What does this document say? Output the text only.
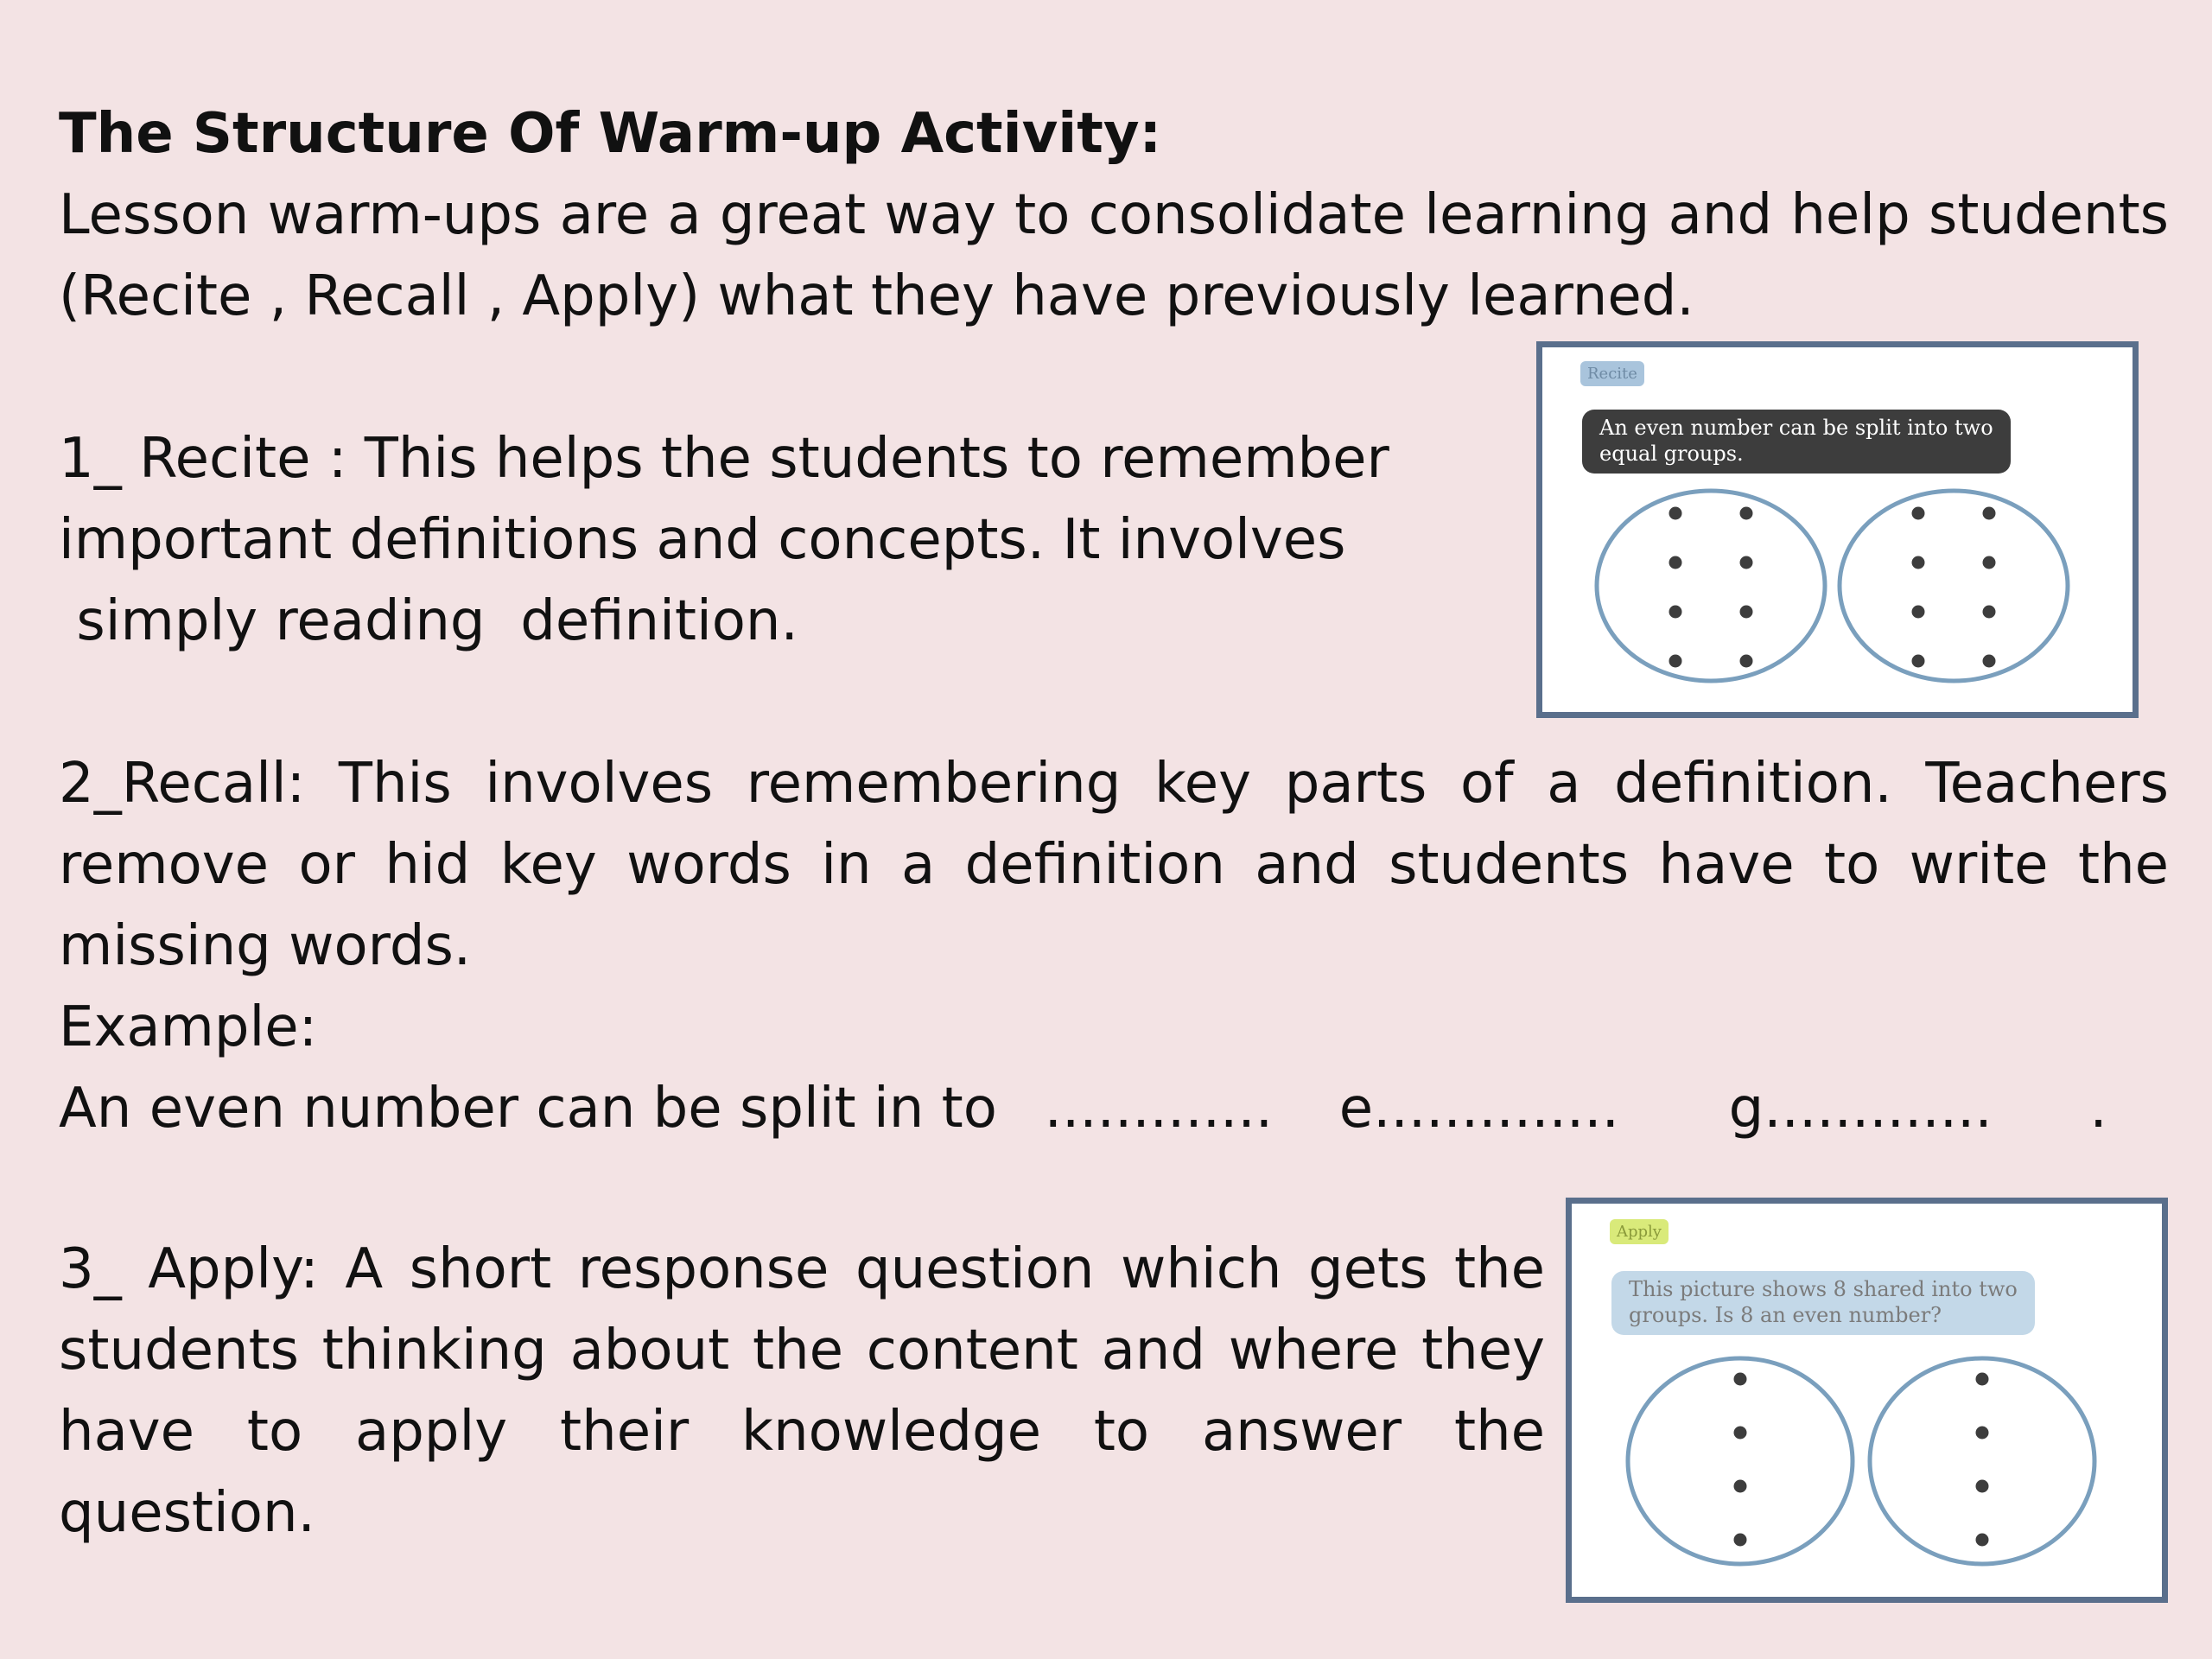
The Structure Of Warm-up Activity:

Lesson warm-ups are a great way to consolidate learning and help students (Recite , Recall , Apply) what they have previously learned.

1_ Recite : This helps the students to remember
important definitions and concepts. It involves
simply reading  definition.

2_Recall: This involves remembering key parts of a definition. Teachers remove or hid key words in a definition and students have to write the missing words.

Example:

An even number can be split in to ............. e.............. g............. .

3_ Apply: A short response question which gets the students thinking about the content and where they have to apply their knowledge to answer the question.

Recite
An even number can be split into two
equal groups.
Apply
This picture shows 8 shared into two
groups. Is 8 an even number?
